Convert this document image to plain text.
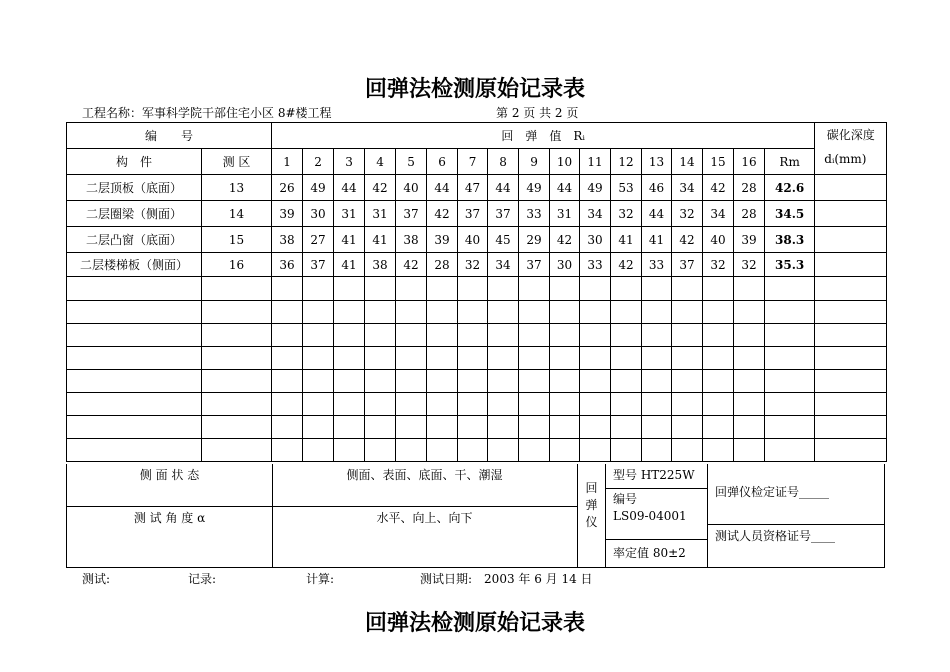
回弹法检测原始记录表
工程名称：军事科学院干部住宅小区 8#楼工程	第 2 页 共 2 页
编　　号		回　弹　值　Rᵢ																	碳化深度
dᵢ(mm)

构　件	测 区	1	2	3	4	5	6	7	8	9	10	11	12	13	14	15	16	Rm	
二层顶板（底面）	13	26	49	44	42	40	44	47	44	49	44	49	53	46	34	42	28	42.6	
二层圈梁（侧面）	14	39	30	31	31	37	42	37	37	33	31	34	32	44	32	34	28	34.5	
二层凸窗（底面）	15	38	27	41	41	38	39	40	45	29	42	30	41	41	42	40	39	38.3	
二层楼梯板（侧面）	16	36	37	41	38	42	28	32	34	37	30	33	42	33	37	32	32	35.3	

侧 面 状 态	侧面、表面、底面、干、潮湿
测 试 角 度 α	水平、向上、向下
回
弹
仪
型号 HT225W
编号
LS09-04001
率定值 80±2
回弹仪检定证号_____
测试人员资格证号____
测试:	记录:	计算:	测试日期:　2003 年 6 月 14 日
回弹法检测原始记录表
